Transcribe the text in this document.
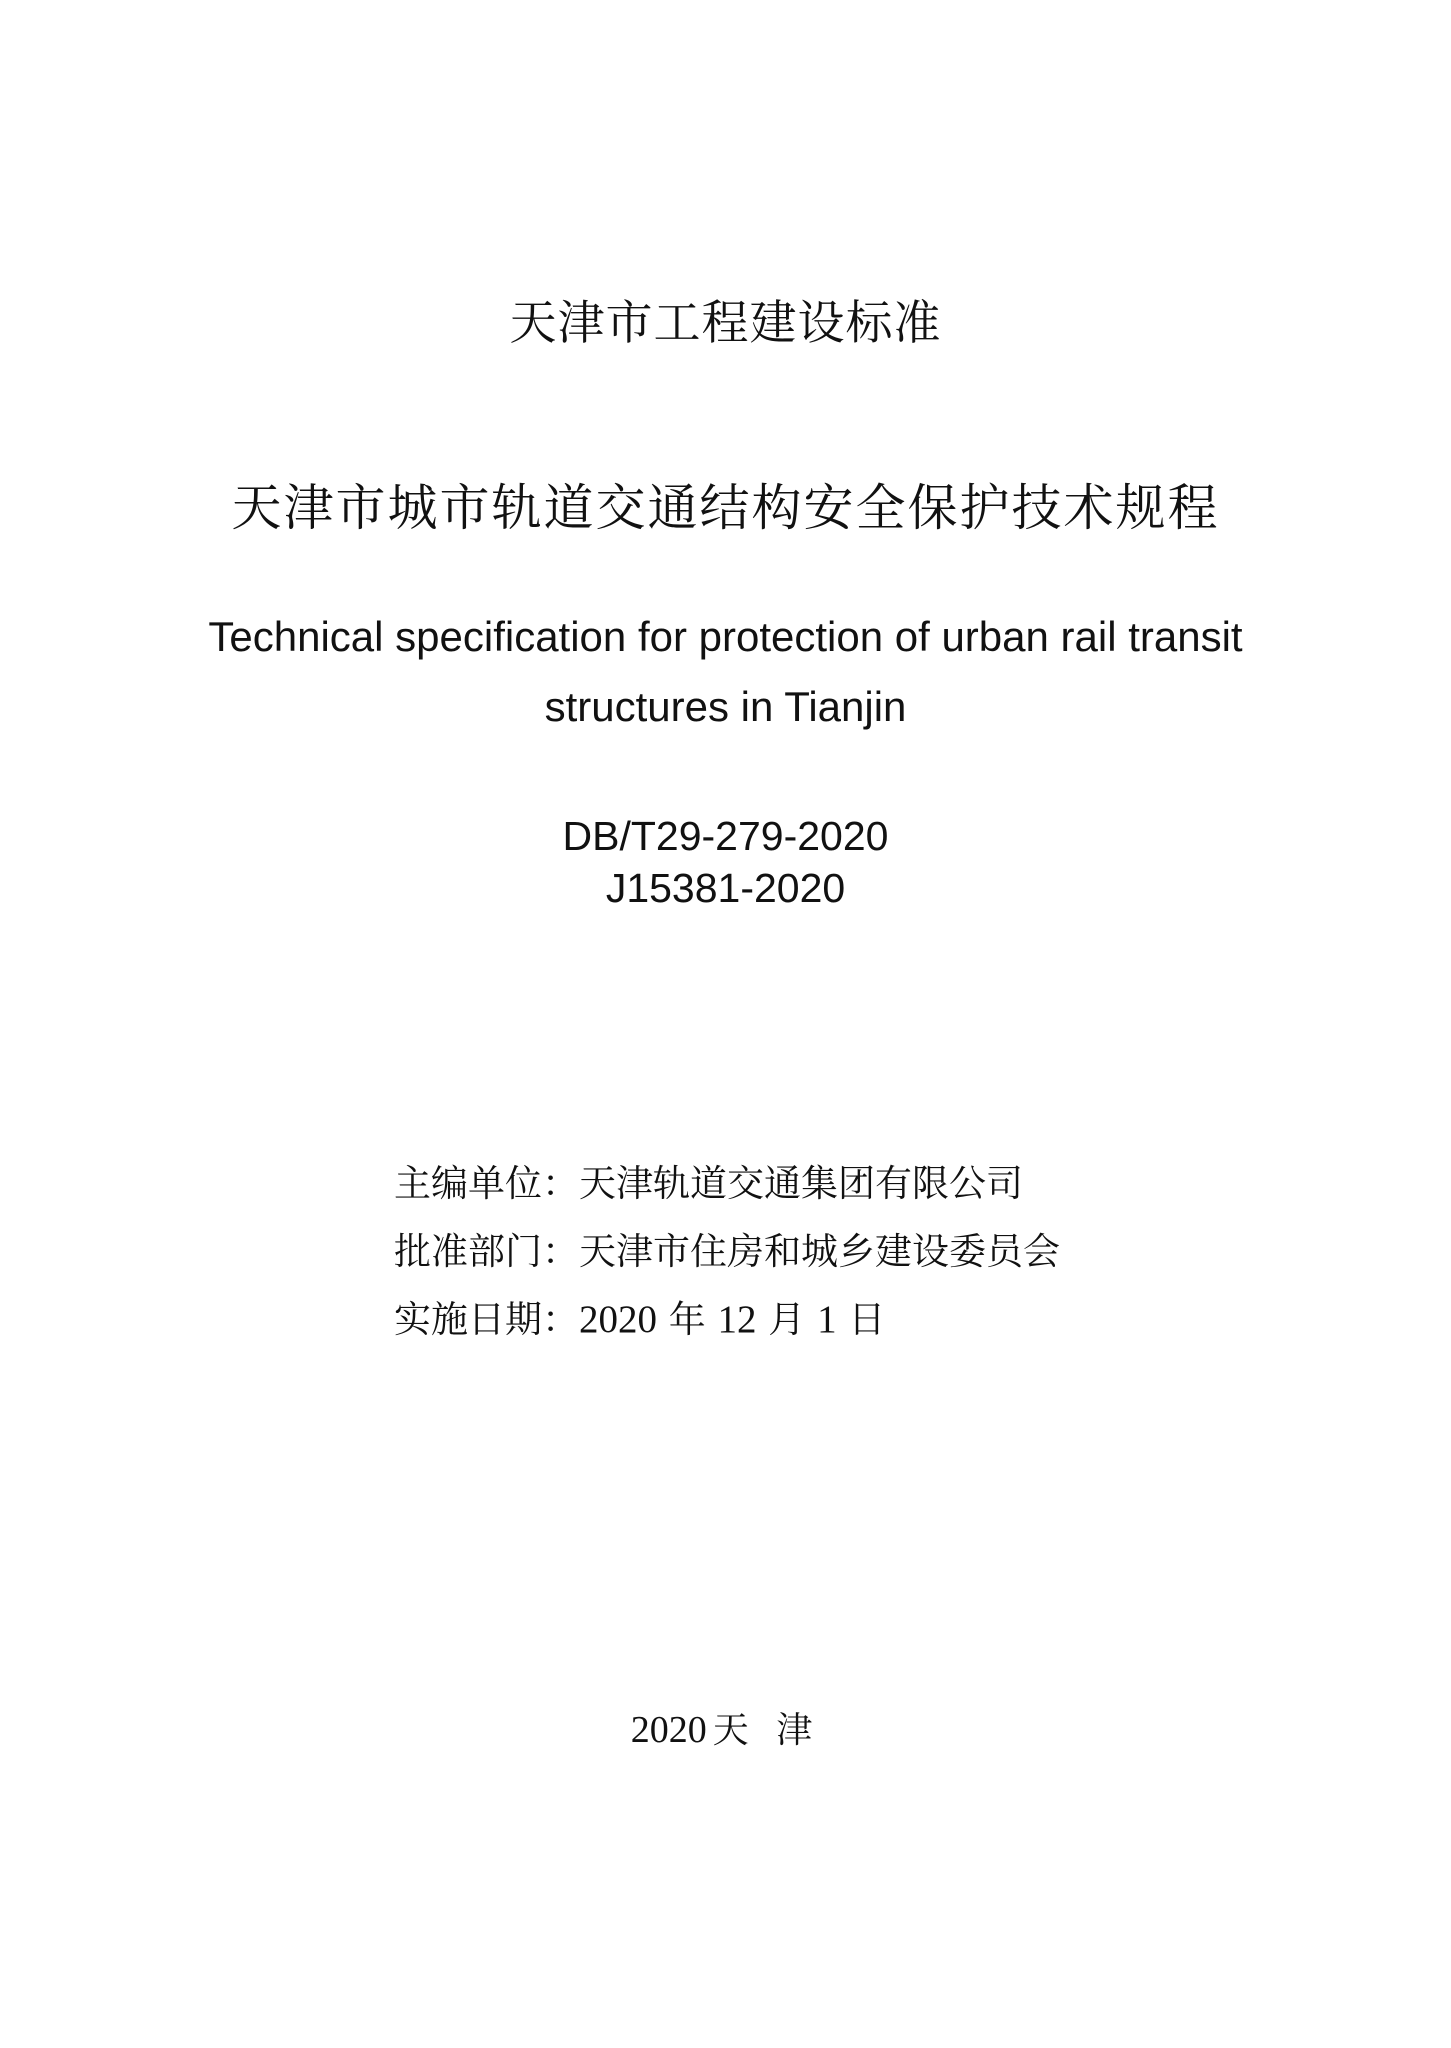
天津市工程建设标准
天津市城市轨道交通结构安全保护技术规程
Technical specification for protection of urban rail transit
structures in Tianjin
DB/T29-279-2020
J15381-2020
主编单位：天津轨道交通集团有限公司
批准部门：天津市住房和城乡建设委员会
实施日期：2020 年 12 月 1 日
2020 天 津
